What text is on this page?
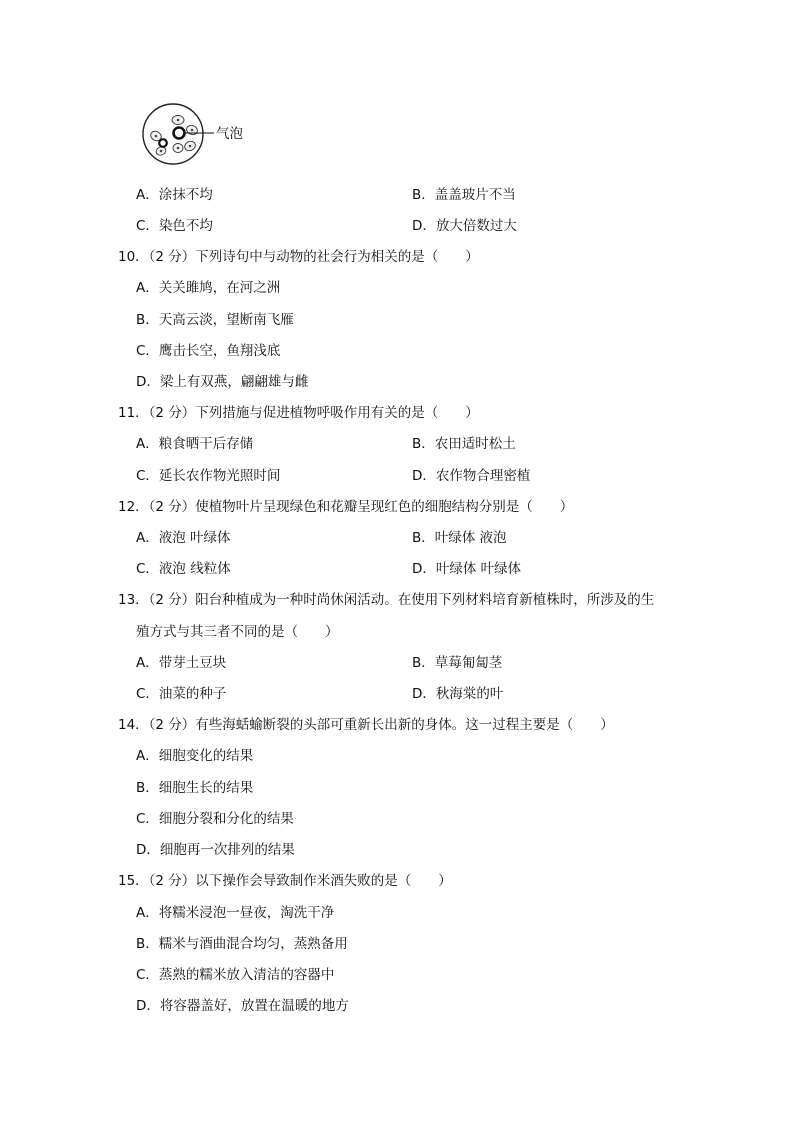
气泡
A．涂抹不均	B．盖盖玻片不当
C．染色不均	D．放大倍数过大
10．（2 分）下列诗句中与动物的社会行为相关的是（　　）
A．关关雎鸠，在河之洲
B．天高云淡，望断南飞雁
C．鹰击长空，鱼翔浅底
D．梁上有双燕，翩翩雄与雌
11．（2 分）下列措施与促进植物呼吸作用有关的是（　　）
A．粮食晒干后存储	B．农田适时松土
C．延长农作物光照时间	D．农作物合理密植
12．（2 分）使植物叶片呈现绿色和花瓣呈现红色的细胞结构分别是（　　）
A．液泡 叶绿体	B．叶绿体 液泡
C．液泡 线粒体	D．叶绿体 叶绿体
13．（2 分）阳台种植成为一种时尚休闲活动。在使用下列材料培育新植株时，所涉及的生
殖方式与其三者不同的是（　　）
A．带芽土豆块	B．草莓匍匐茎
C．油菜的种子	D．秋海棠的叶
14．（2 分）有些海蛞蝓断裂的头部可重新长出新的身体。这一过程主要是（　　）
A．细胞变化的结果
B．细胞生长的结果
C．细胞分裂和分化的结果
D．细胞再一次排列的结果
15．（2 分）以下操作会导致制作米酒失败的是（　　）
A．将糯米浸泡一昼夜，淘洗干净
B．糯米与酒曲混合均匀，蒸熟备用
C．蒸熟的糯米放入清洁的容器中
D．将容器盖好，放置在温暖的地方
